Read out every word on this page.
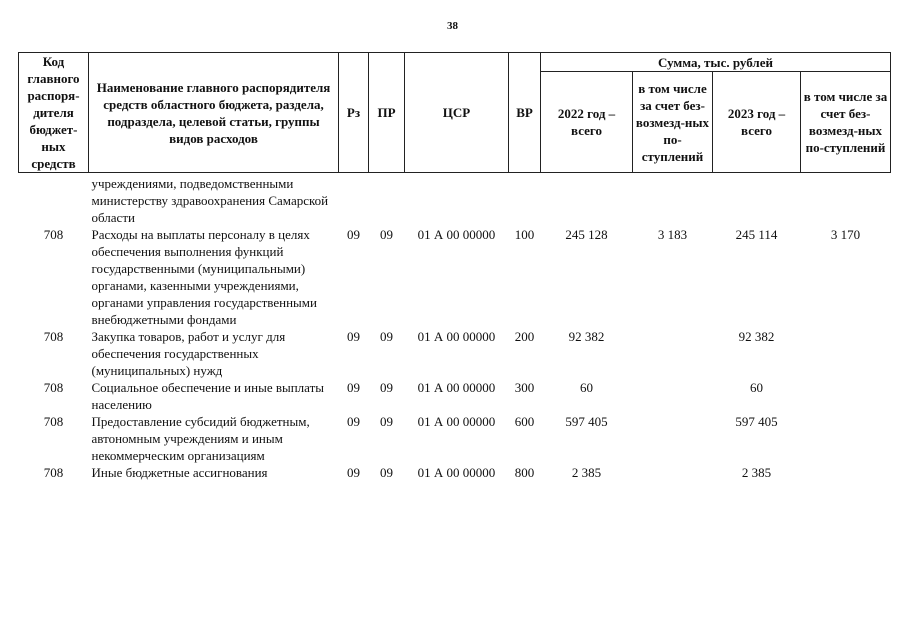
38
Код главного распоря-дителя бюджет-ных средств	Наименование главного распорядителя средств областного бюджета, раздела, подраздела, целевой статьи, группы видов расходов	Рз	ПР	ЦСР	ВР	Сумма, тыс. рублей			
						2022 год – всего	в том числе за счет без-возмезд-ных по-ступлений	2023 год – всего	в том числе за счет без-возмезд-ных по-ступлений
	учреждениями, подведомственными министерству здравоохранения Самарской области								
708	Расходы на выплаты персоналу в целях обеспечения выполнения функций государственными (муниципальными) органами, казенными учреждениями, органами управления государственными внебюджетными фондами	09	09	01 А 00 00000	100	245 128	3 183	245 114	3 170
708	Закупка товаров, работ и услуг для обеспечения государственных (муниципальных) нужд	09	09	01 А 00 00000	200	92 382		92 382	
708	Социальное обеспечение и иные выплаты населению	09	09	01 А 00 00000	300	60		60	
708	Предоставление субсидий бюджетным, автономным учреждениям и иным некоммерческим организациям	09	09	01 А 00 00000	600	597 405		597 405	
708	Иные бюджетные ассигнования	09	09	01 А 00 00000	800	2 385		2 385	
